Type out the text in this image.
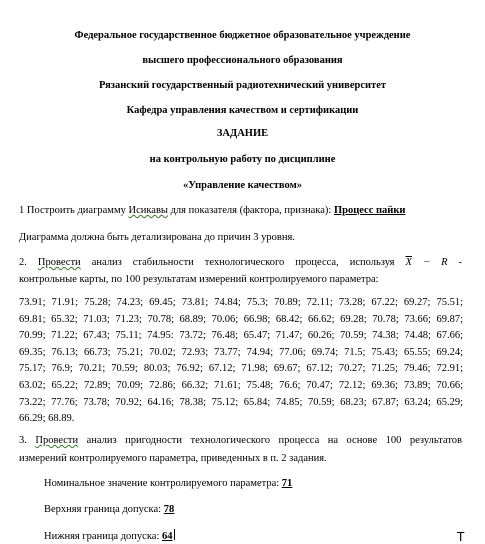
Федеральное государственное бюджетное образовательное учреждение
высшего профессионального образования
Рязанский государственный радиотехнический университет
Кафедра управления качеством и сертификации
ЗАДАНИЕ
на контрольную работу по дисциплине
«Управление качеством»
1 Построить диаграмму Исикавы для показателя (фактора, признака): Процесс пайки
Диаграмма должна быть детализирована до причин 3 уровня.
2. Провести анализ стабильности технологического процесса, используя $\overline{X} - R$ -
контрольные карты, по 100 результатам измерений контролируемого параметра:
73.91; 71.91; 75.28; 74.23; 69.45; 73.81; 74.84; 75.3; 70.89; 72.11; 73.28; 67.22; 69.27; 75.51;
69.81; 65.32; 71.03; 71.23; 70.78; 68.89; 70.06; 66.98; 68.42; 66.62; 69.28; 70.78; 73.66; 69.87;
70.99; 71.22; 67.43; 75.11; 74.95: 73.72; 76.48; 65.47; 71.47; 60.26; 70.59; 74.38; 74.48; 67.66;
69.35; 76.13; 66.73; 75.21; 70.02; 72.93; 73.77; 74.94; 77.06; 69.74; 71.5; 75.43; 65.55; 69.24;
75.17; 76.9; 70.21; 70.59; 80.03; 76.92; 67.12; 71.98; 69.67; 67.12; 70.27; 71.25; 79.46; 72.91;
63.02; 65.22; 72.89; 70.09; 72.86; 66.32; 71.61; 75.48; 76.6; 70.47; 72.12; 69.36; 73.89; 70.66;
73.22; 77.76; 73.78; 70.92; 64.16; 78.38; 75.12; 65.84; 74.85; 70.59; 68.23; 67.87; 63.24; 65.29;
66.29; 68.89.
3. Провести анализ пригодности технологического процесса на основе 100 результатов
измерений контролируемого параметра, приведенных в п. 2 задания.
Номинальное значение контролируемого параметра: 71
Верхняя граница допуска: 78
Нижняя граница допуска: 64	T
